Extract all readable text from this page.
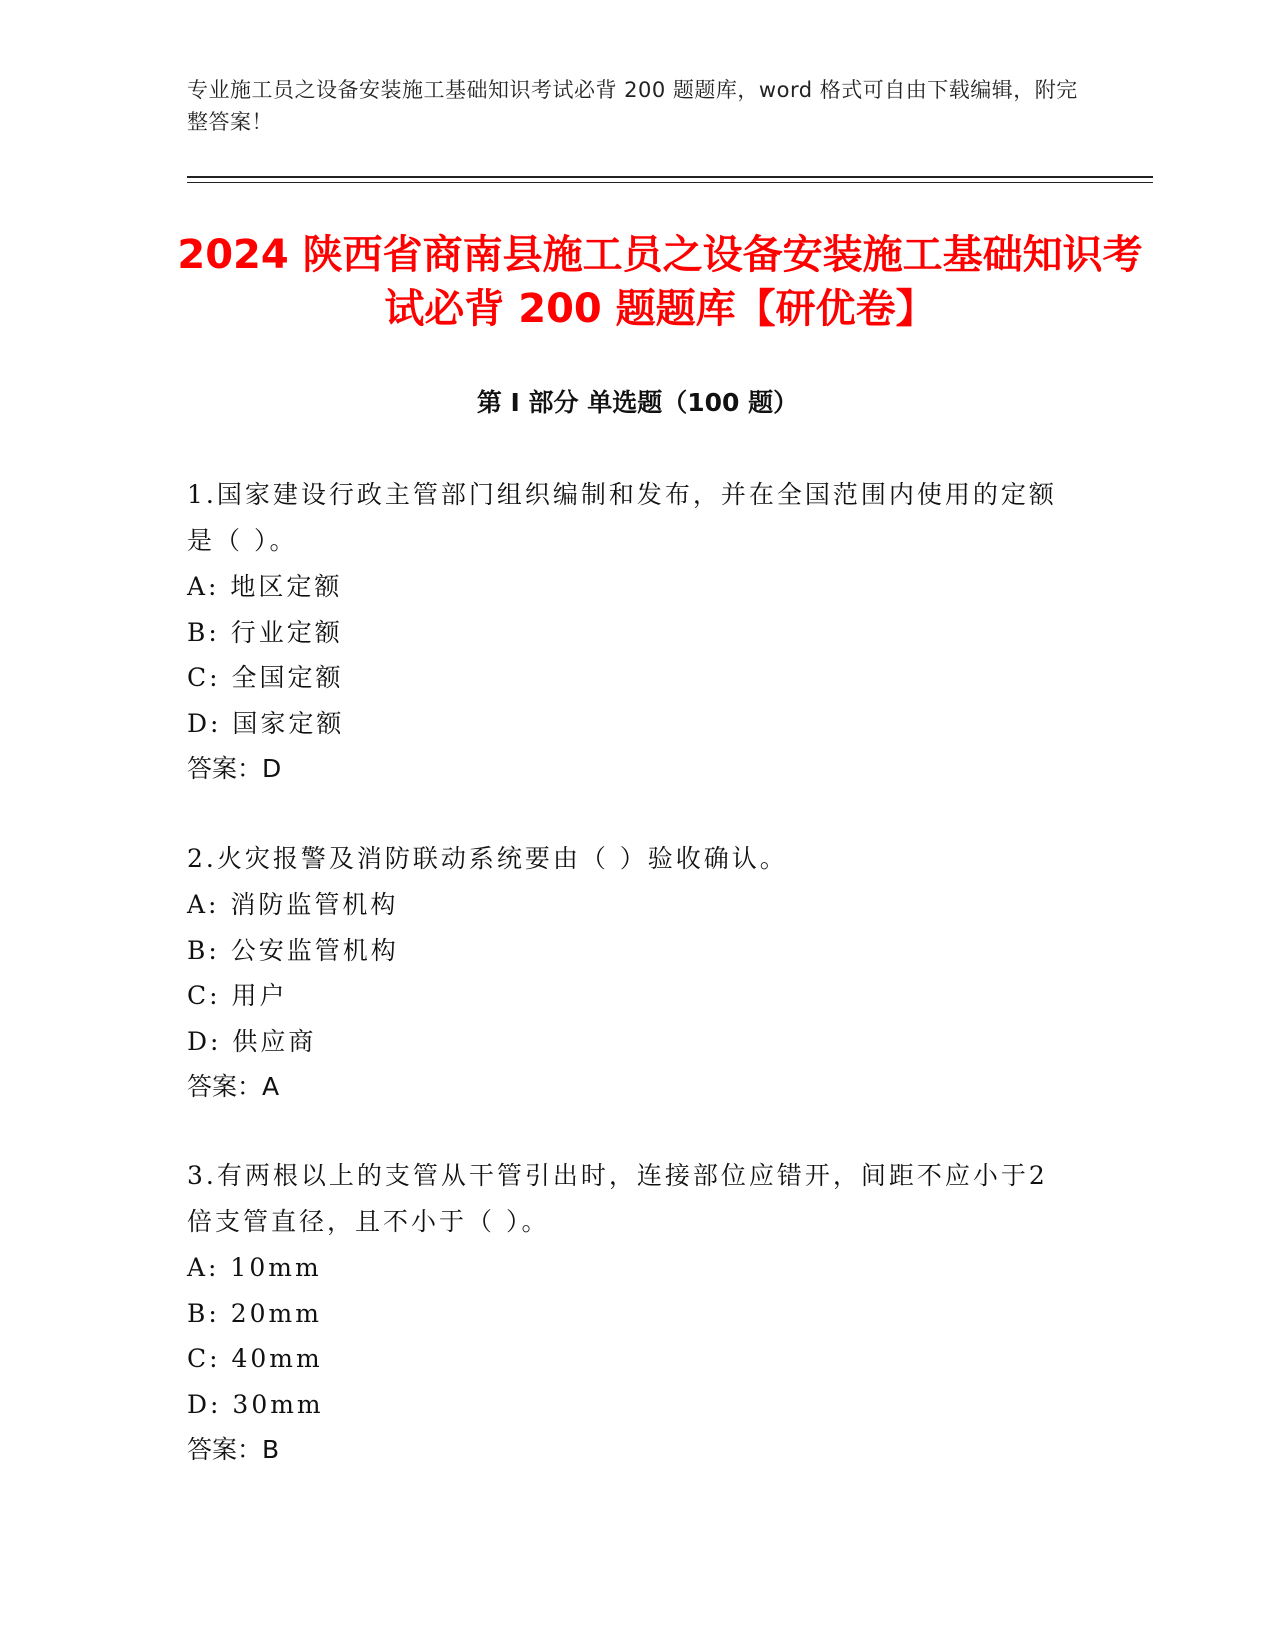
专业施工员之设备安装施工基础知识考试必背 200 题题库，word 格式可自由下载编辑，附完整答案！
2024 陕西省商南县施工员之设备安装施工基础知识考试必背 200 题题库【研优卷】
第 I 部分 单选题（100 题）

1.国家建设行政主管部门组织编制和发布，并在全国范围内使用的定额是（ ）。

A: 地区定额

B: 行业定额

C: 全国定额

D: 国家定额

答案：D

2.火灾报警及消防联动系统要由（ ）验收确认。

A: 消防监管机构

B: 公安监管机构

C: 用户

D: 供应商

答案：A

3.有两根以上的支管从干管引出时，连接部位应错开，间距不应小于2倍支管直径，且不小于（ ）。

A: 10mm

B: 20mm

C: 40mm

D: 30mm

答案：B
